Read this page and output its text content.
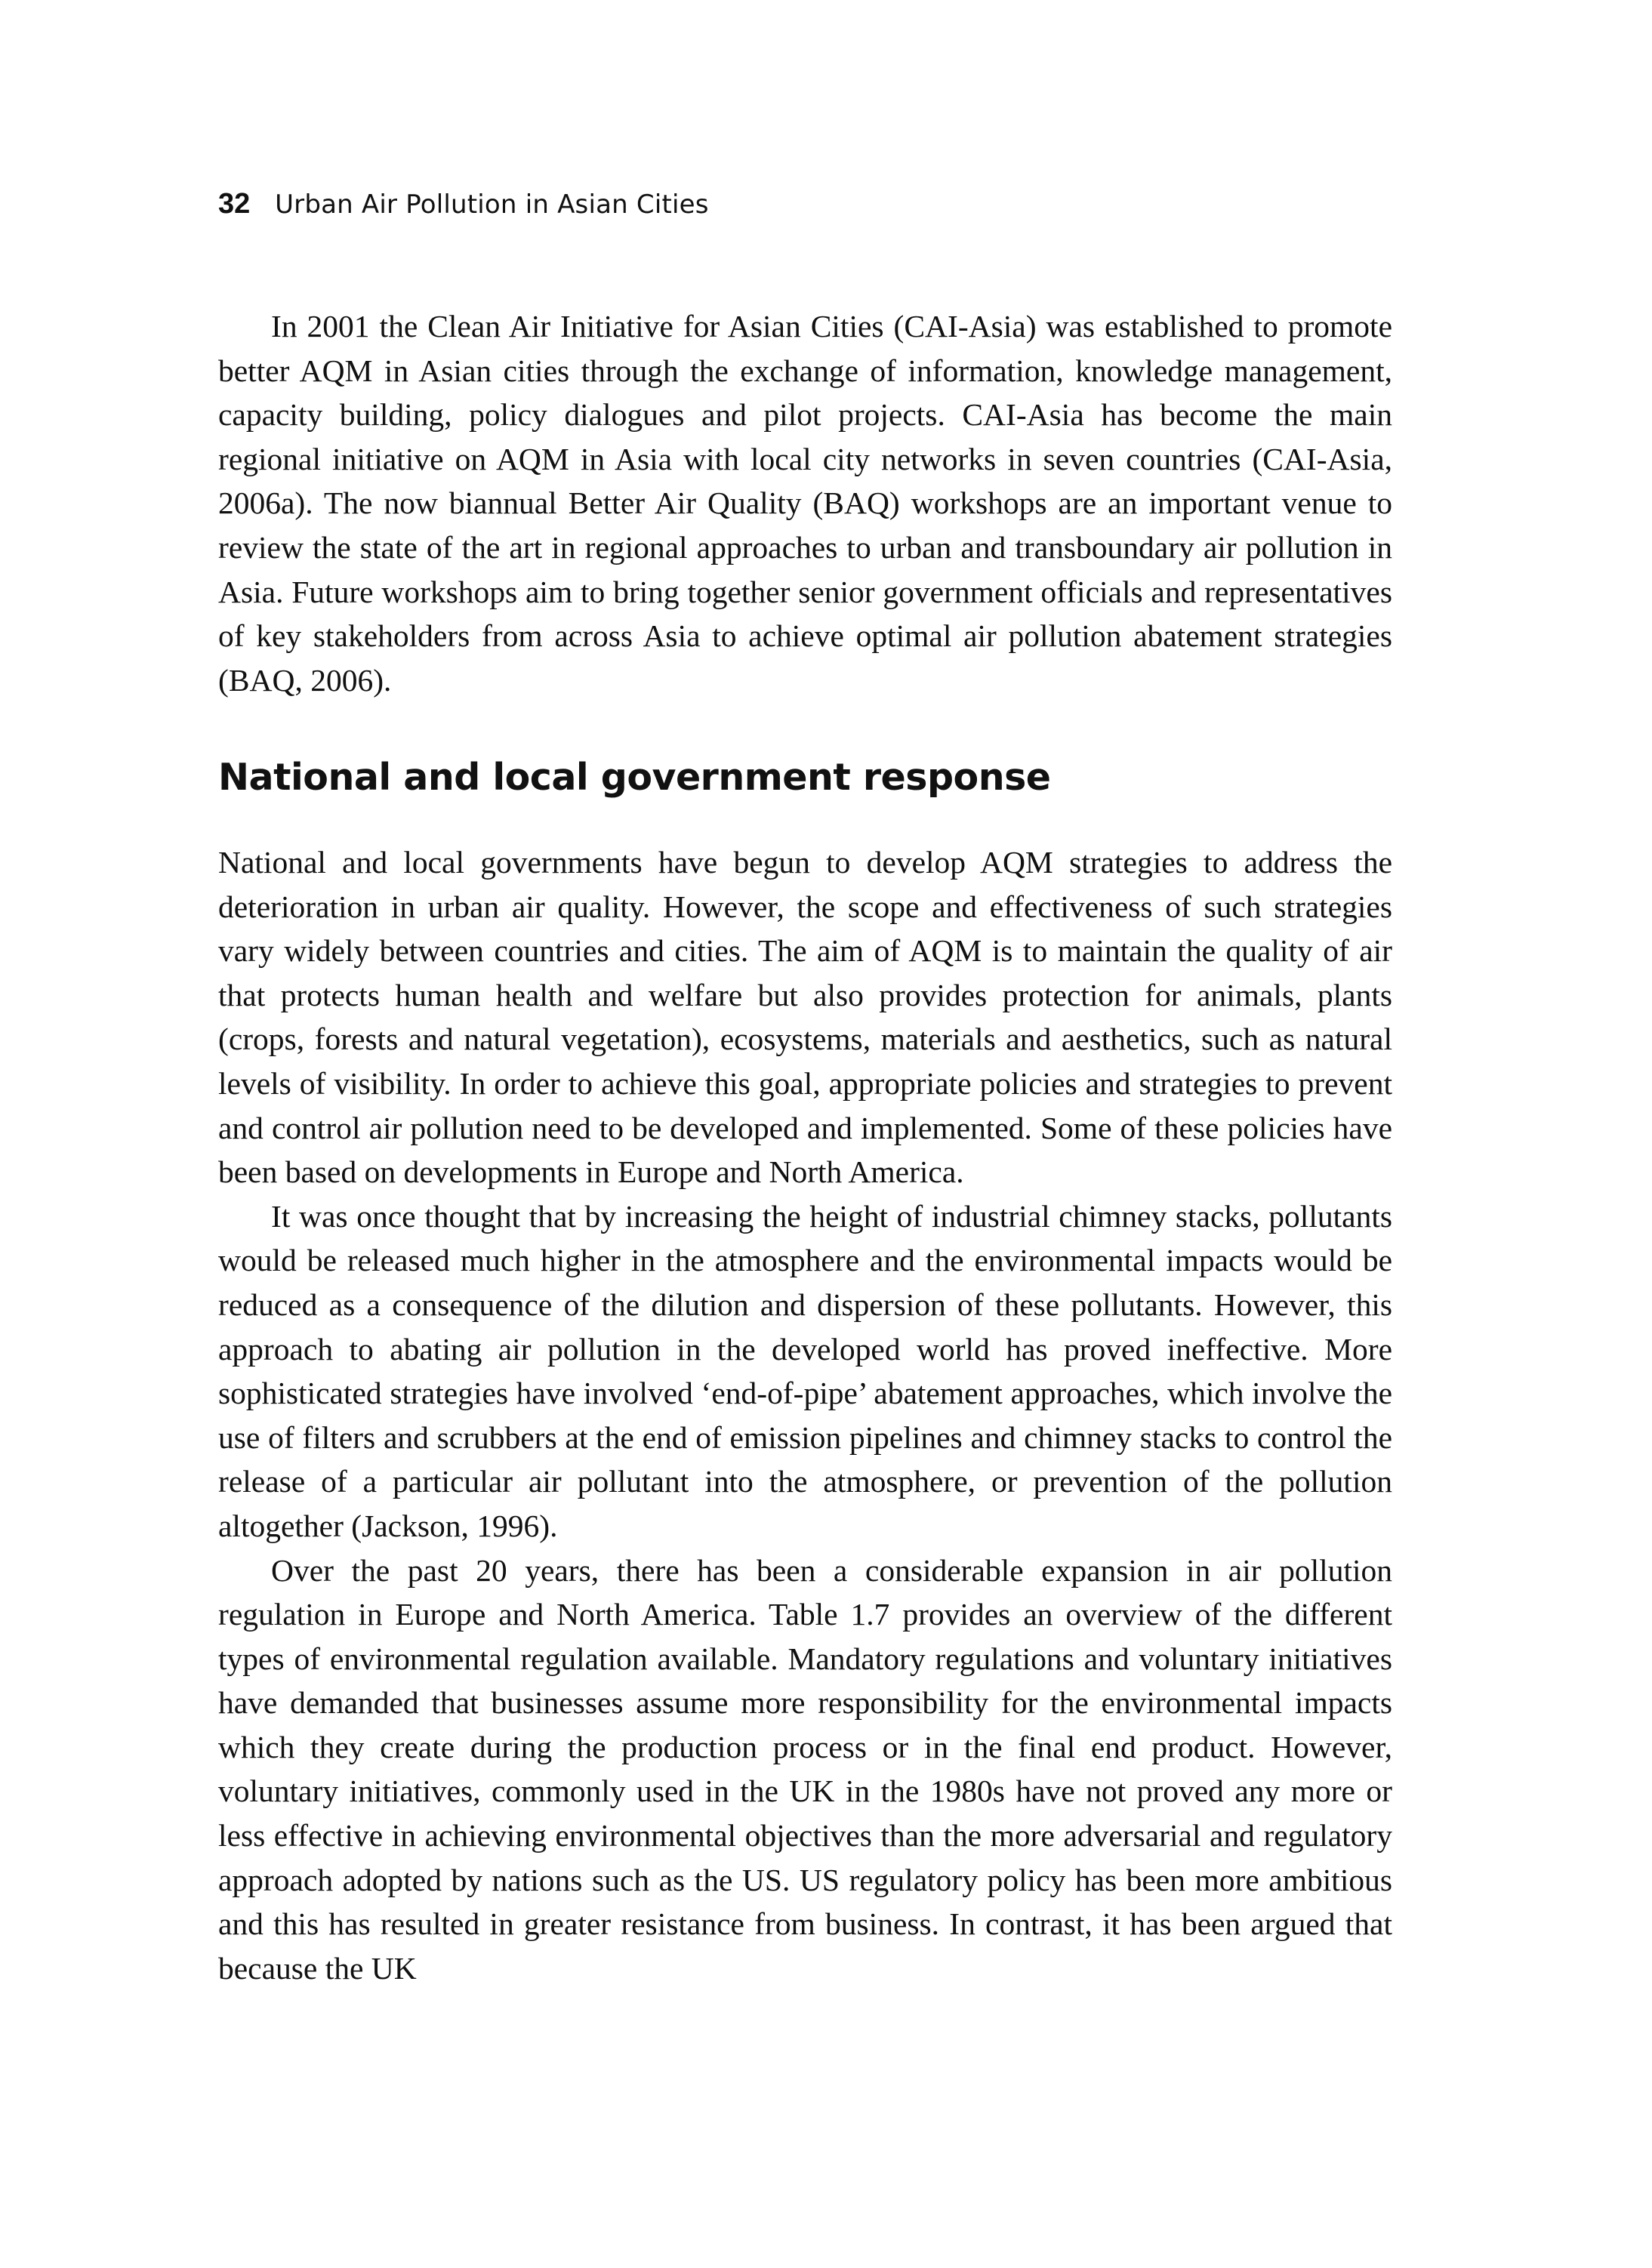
32 Urban Air Pollution in Asian Cities

In 2001 the Clean Air Initiative for Asian Cities (CAI-Asia) was established to promote better AQM in Asian cities through the exchange of information, knowledge management, capacity building, policy dialogues and pilot projects. CAI-Asia has become the main regional initiative on AQM in Asia with local city networks in seven countries (CAI-Asia, 2006a). The now biannual Better Air Quality (BAQ) workshops are an important venue to review the state of the art in regional approaches to urban and transboundary air pollution in Asia. Future workshops aim to bring together senior government officials and representatives of key stakeholders from across Asia to achieve optimal air pollution abatement strategies (BAQ, 2006).

National and local government response

National and local governments have begun to develop AQM strategies to address the deterioration in urban air quality. However, the scope and effectiveness of such strategies vary widely between countries and cities. The aim of AQM is to maintain the quality of air that protects human health and welfare but also provides protection for animals, plants (crops, forests and natural vegetation), ecosystems, materials and aesthetics, such as natural levels of visibility. In order to achieve this goal, appropriate policies and strategies to prevent and control air pollution need to be developed and implemented. Some of these policies have been based on developments in Europe and North America.

It was once thought that by increasing the height of industrial chimney stacks, pollutants would be released much higher in the atmosphere and the environmental impacts would be reduced as a consequence of the dilution and dispersion of these pollutants. However, this approach to abating air pollution in the developed world has proved ineffective. More sophisticated strategies have involved ‘end-of-pipe’ abatement approaches, which involve the use of filters and scrubbers at the end of emission pipelines and chimney stacks to control the release of a particular air pollutant into the atmosphere, or prevention of the pollution altogether (Jackson, 1996).

Over the past 20 years, there has been a considerable expansion in air pollution regulation in Europe and North America. Table 1.7 provides an overview of the different types of environmental regulation available. Mandatory regulations and voluntary initiatives have demanded that businesses assume more responsibility for the environmental impacts which they create during the production process or in the final end product. However, voluntary initiatives, commonly used in the UK in the 1980s have not proved any more or less effective in achieving environmental objectives than the more adversarial and regulatory approach adopted by nations such as the US. US regulatory policy has been more ambitious and this has resulted in greater resistance from business. In contrast, it has been argued that because the UK
